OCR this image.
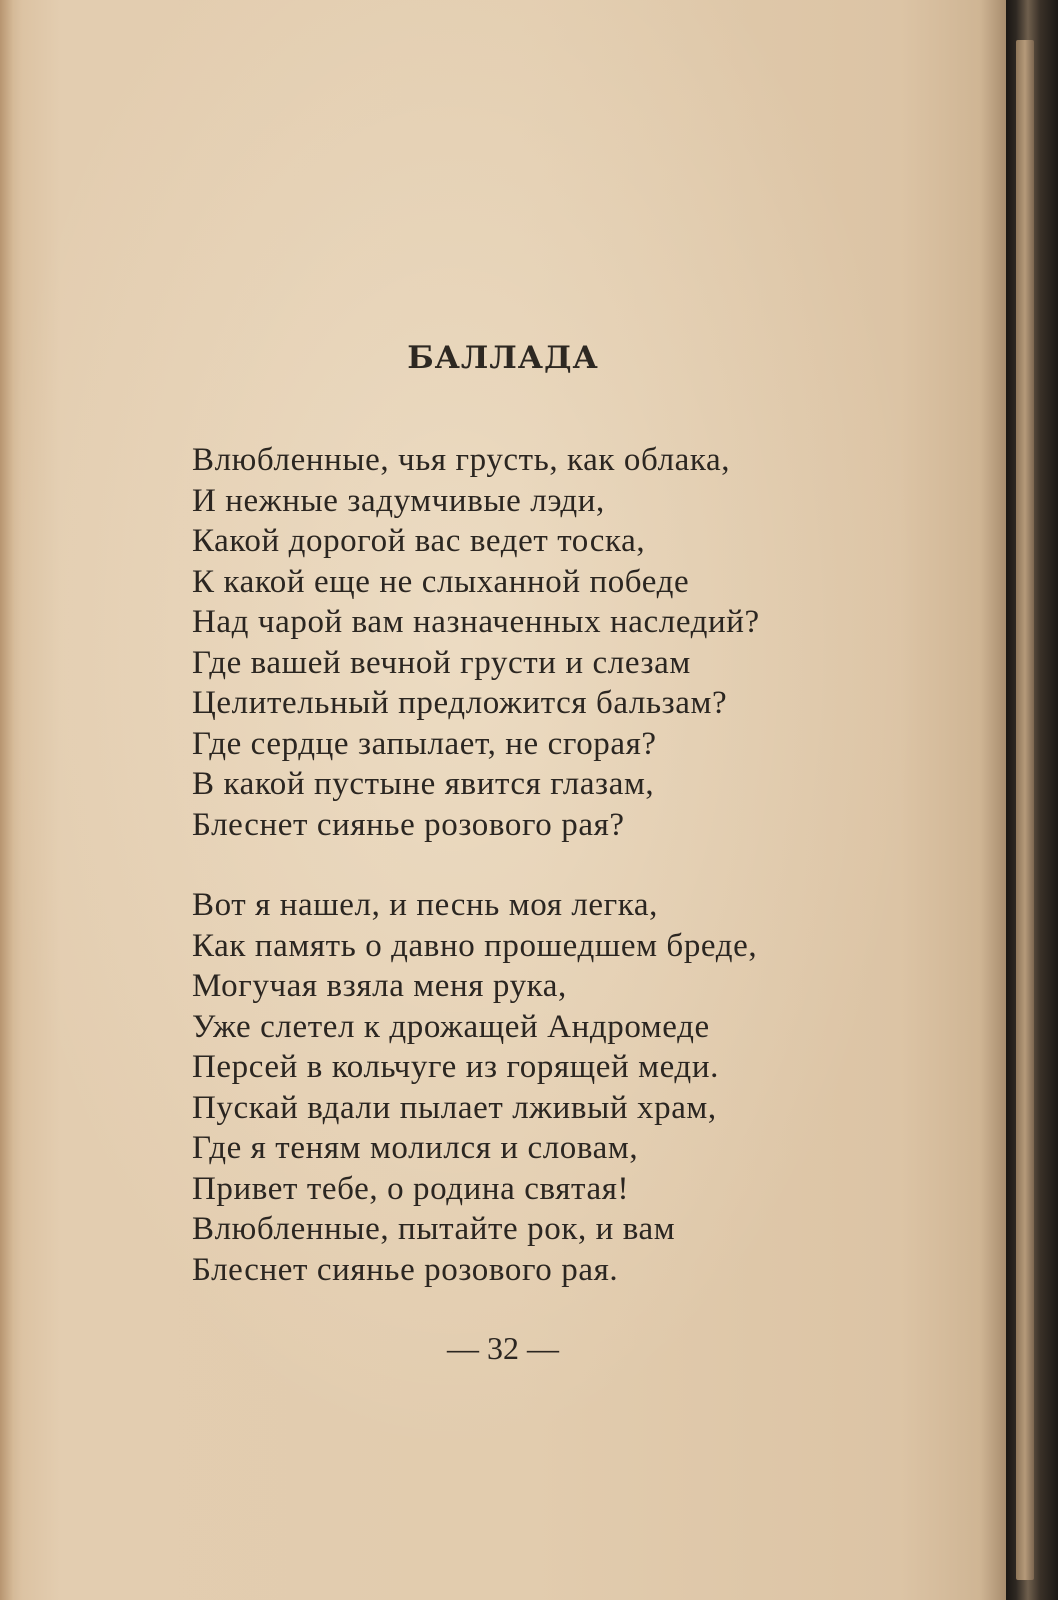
БАЛЛАДА
Влюбленные, чья грусть, как облака,
И нежные задумчивые лэди,
Какой дорогой вас ведет тоска,
К какой еще не слыханной победе
Над чарой вам назначенных наследий?
Где вашей вечной грусти и слезам
Целительный предложится бальзам?
Где сердце запылает, не сгорая?
В какой пустыне явится глазам,
Блеснет сиянье розового рая?
Вот я нашел, и песнь моя легка,
Как память о давно прошедшем бреде,
Могучая взяла меня рука,
Уже слетел к дрожащей Андромеде
Персей в кольчуге из горящей меди.
Пускай вдали пылает лживый храм,
Где я теням молился и словам,
Привет тебе, о родина святая!
Влюбленные, пытайте рок, и вам
Блеснет сиянье розового рая.

— 32 —
